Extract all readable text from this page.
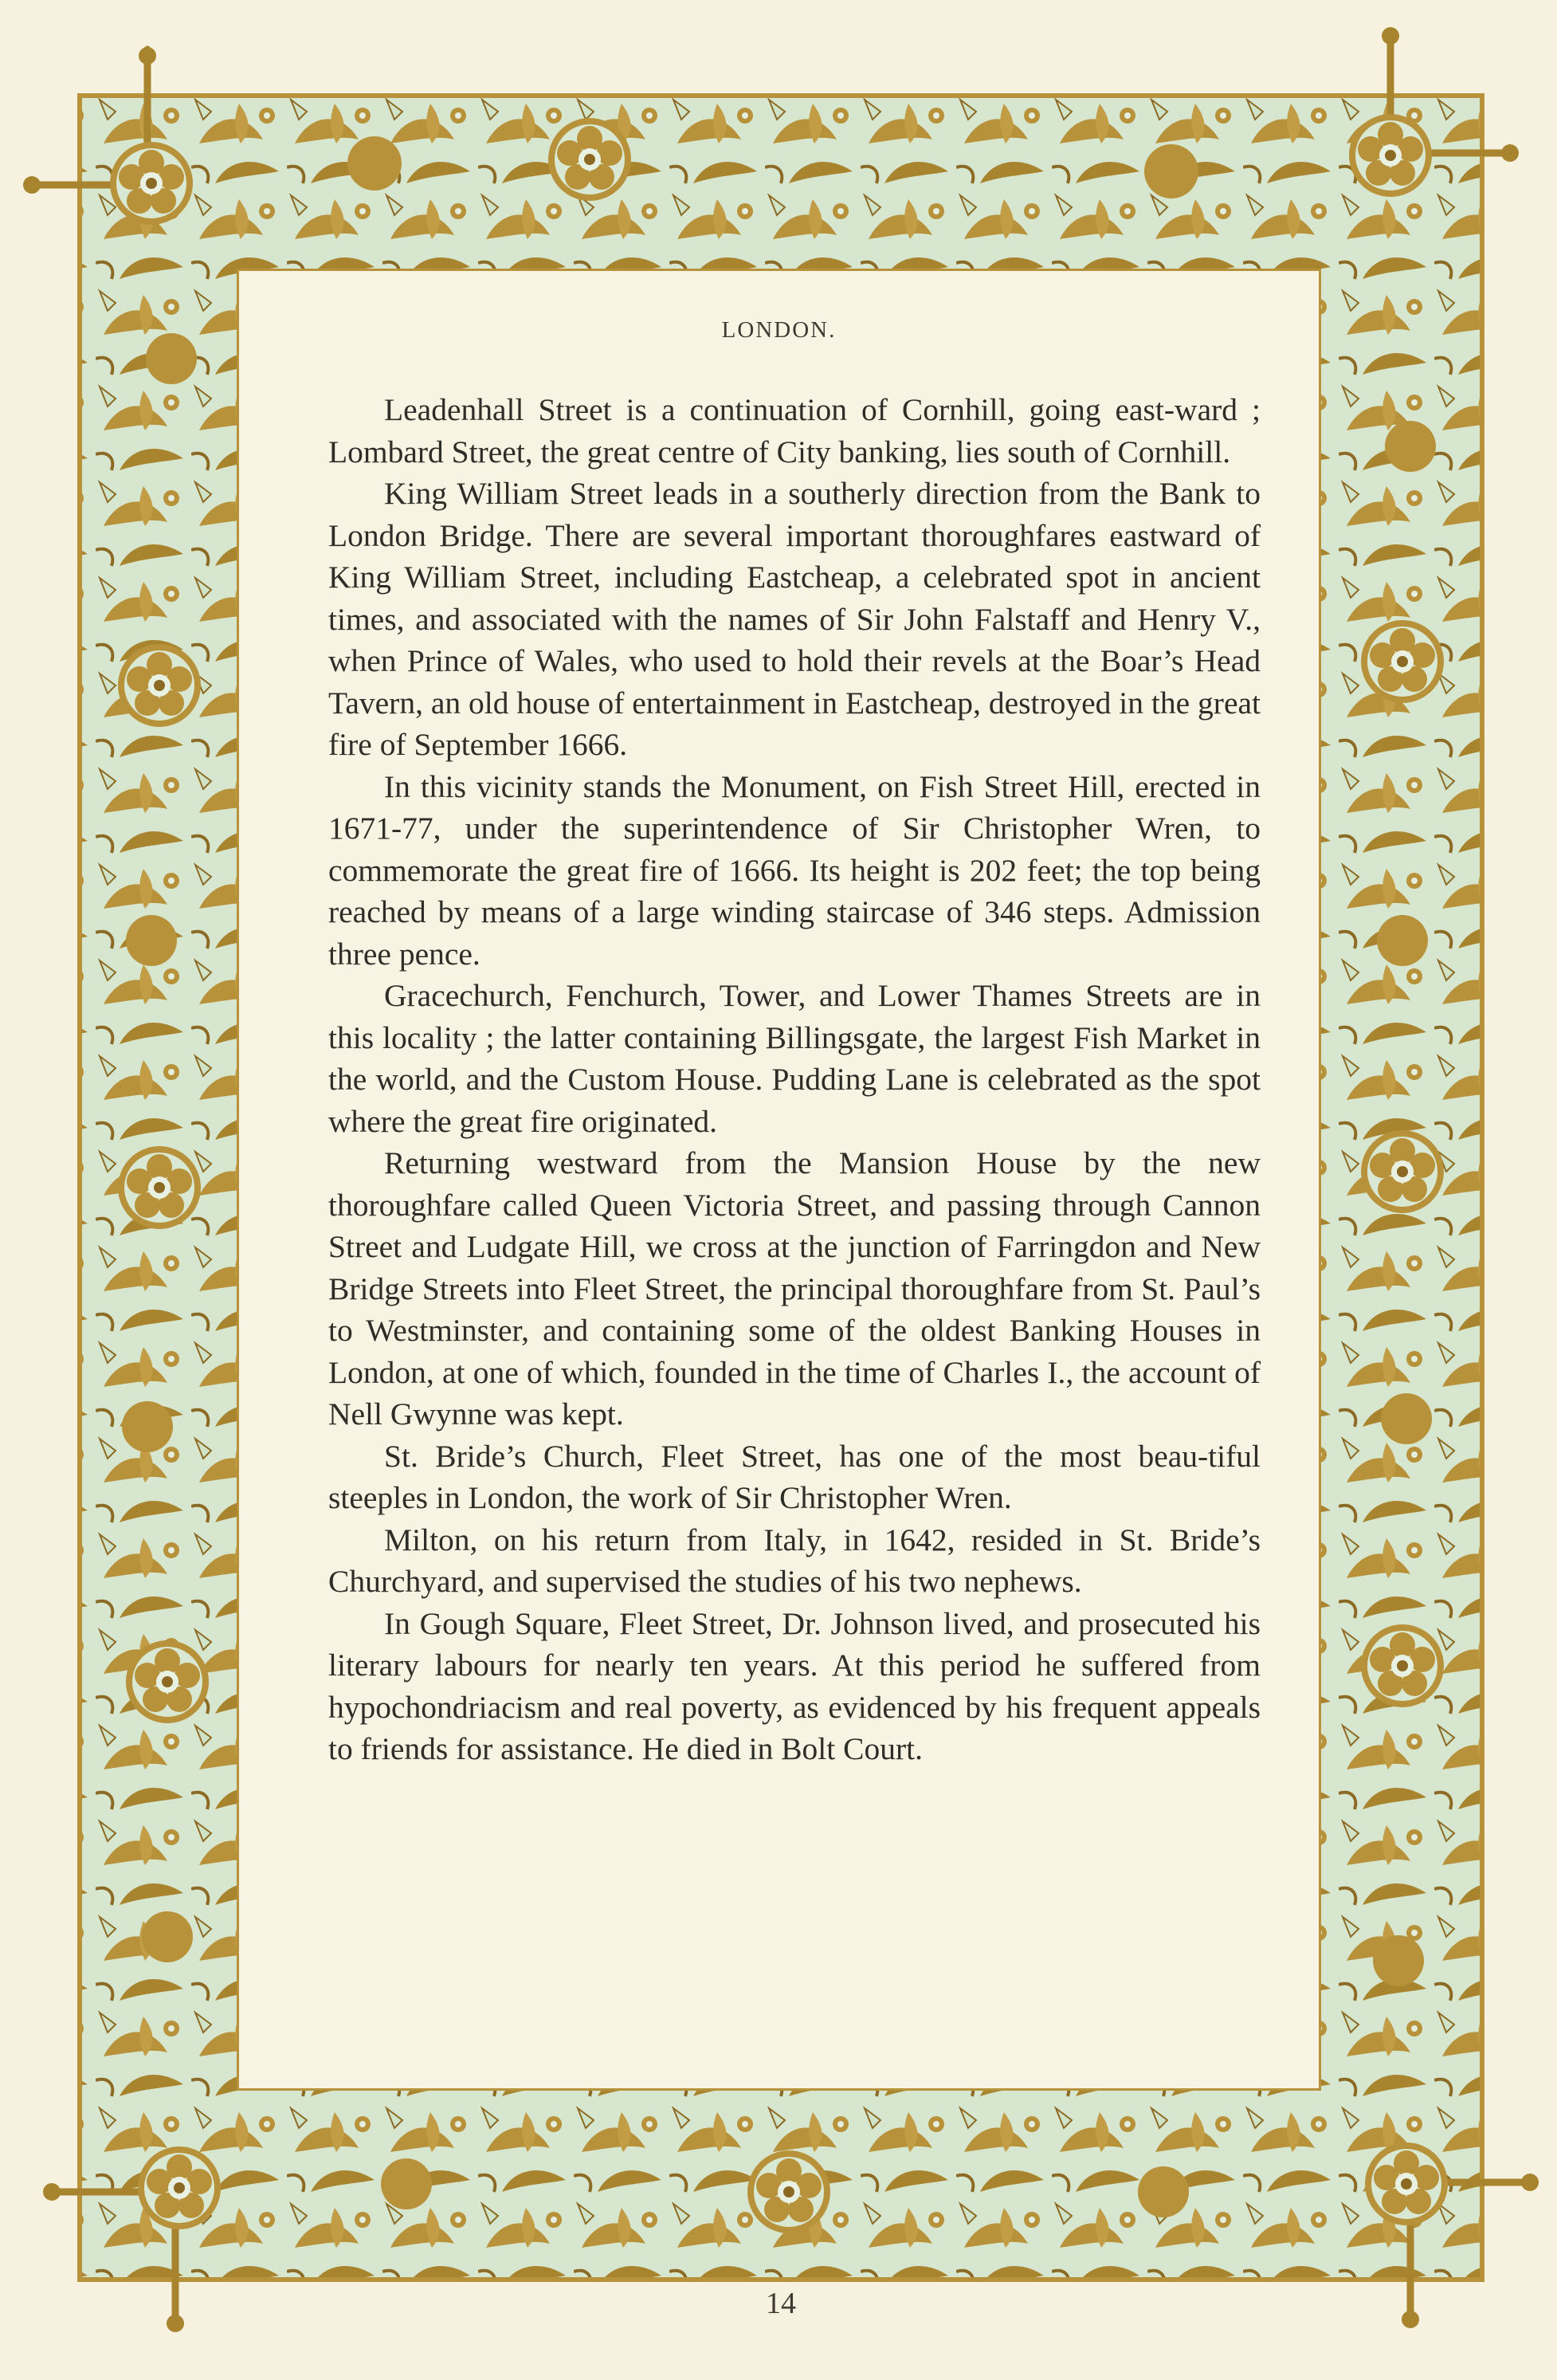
LONDON.

Leadenhall Street is a continuation of Cornhill, going east-ward ; Lombard Street, the great centre of City banking, lies south of Cornhill.

King William Street leads in a southerly direction from the Bank to London Bridge. There are several important thoroughfares eastward of King William Street, including Eastcheap, a celebrated spot in ancient times, and associated with the names of Sir John Falstaff and Henry V., when Prince of Wales, who used to hold their revels at the Boar’s Head Tavern, an old house of entertainment in Eastcheap, destroyed in the great fire of September 1666.

In this vicinity stands the Monument, on Fish Street Hill, erected in 1671-77, under the superintendence of Sir Christopher Wren, to commemorate the great fire of 1666. Its height is 202 feet; the top being reached by means of a large winding staircase of 346 steps. Admission three pence.

Gracechurch, Fenchurch, Tower, and Lower Thames Streets are in this locality ; the latter containing Billingsgate, the largest Fish Market in the world, and the Custom House. Pudding Lane is celebrated as the spot where the great fire originated.

Returning westward from the Mansion House by the new thoroughfare called Queen Victoria Street, and passing through Cannon Street and Ludgate Hill, we cross at the junction of Farringdon and New Bridge Streets into Fleet Street, the principal thoroughfare from St. Paul’s to Westminster, and containing some of the oldest Banking Houses in London, at one of which, founded in the time of Charles I., the account of Nell Gwynne was kept.

St. Bride’s Church, Fleet Street, has one of the most beau-tiful steeples in London, the work of Sir Christopher Wren.

Milton, on his return from Italy, in 1642, resided in St. Bride’s Churchyard, and supervised the studies of his two nephews.

In Gough Square, Fleet Street, Dr. Johnson lived, and prosecuted his literary labours for nearly ten years. At this period he suffered from hypochondriacism and real poverty, as evidenced by his frequent appeals to friends for assistance. He died in Bolt Court.

14
